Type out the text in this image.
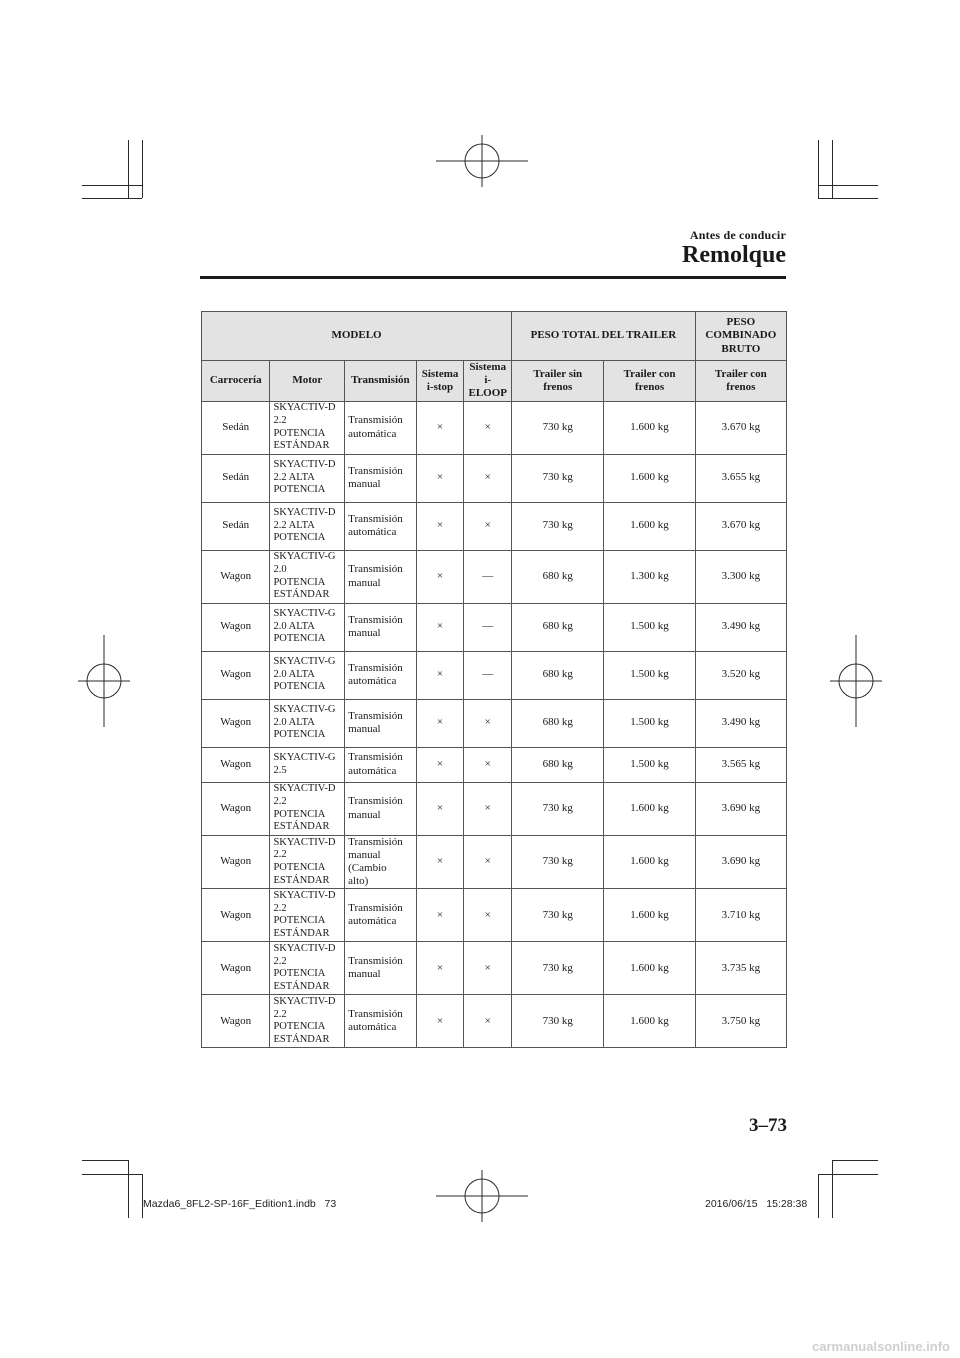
Antes de conducir
Remolque
MODELO					PESO TOTAL DEL TRAILER		PESO
COMBINADO
BRUTO
Carrocería	Motor	Transmisión	Sistema
i-stop	Sistema
i-ELOOP	Trailer sin
frenos	Trailer con
frenos	Trailer con
frenos
Sedán	SKYACTIV-D
2.2
POTENCIA
ESTÁNDAR	Transmisión
automática	×	×	730 kg	1.600 kg	3.670 kg
Sedán	SKYACTIV-D
2.2 ALTA
POTENCIA	Transmisión
manual	×	×	730 kg	1.600 kg	3.655 kg
Sedán	SKYACTIV-D
2.2 ALTA
POTENCIA	Transmisión
automática	×	×	730 kg	1.600 kg	3.670 kg
Wagon	SKYACTIV-G
2.0
POTENCIA
ESTÁNDAR	Transmisión
manual	×	—	680 kg	1.300 kg	3.300 kg
Wagon	SKYACTIV-G
2.0 ALTA
POTENCIA	Transmisión
manual	×	—	680 kg	1.500 kg	3.490 kg
Wagon	SKYACTIV-G
2.0 ALTA
POTENCIA	Transmisión
automática	×	—	680 kg	1.500 kg	3.520 kg
Wagon	SKYACTIV-G
2.0 ALTA
POTENCIA	Transmisión
manual	×	×	680 kg	1.500 kg	3.490 kg
Wagon	SKYACTIV-G
2.5	Transmisión
automática	×	×	680 kg	1.500 kg	3.565 kg
Wagon	SKYACTIV-D
2.2
POTENCIA
ESTÁNDAR	Transmisión
manual	×	×	730 kg	1.600 kg	3.690 kg
Wagon	SKYACTIV-D
2.2
POTENCIA
ESTÁNDAR	Transmisión
manual
(Cambio
alto)	×	×	730 kg	1.600 kg	3.690 kg
Wagon	SKYACTIV-D
2.2
POTENCIA
ESTÁNDAR	Transmisión
automática	×	×	730 kg	1.600 kg	3.710 kg
Wagon	SKYACTIV-D
2.2
POTENCIA
ESTÁNDAR	Transmisión
manual	×	×	730 kg	1.600 kg	3.735 kg
Wagon	SKYACTIV-D
2.2
POTENCIA
ESTÁNDAR	Transmisión
automática	×	×	730 kg	1.600 kg	3.750 kg
3–73
Mazda6_8FL2-SP-16F_Edition1.indb   73	2016/06/15   15:28:38
carmanualsonline.info
